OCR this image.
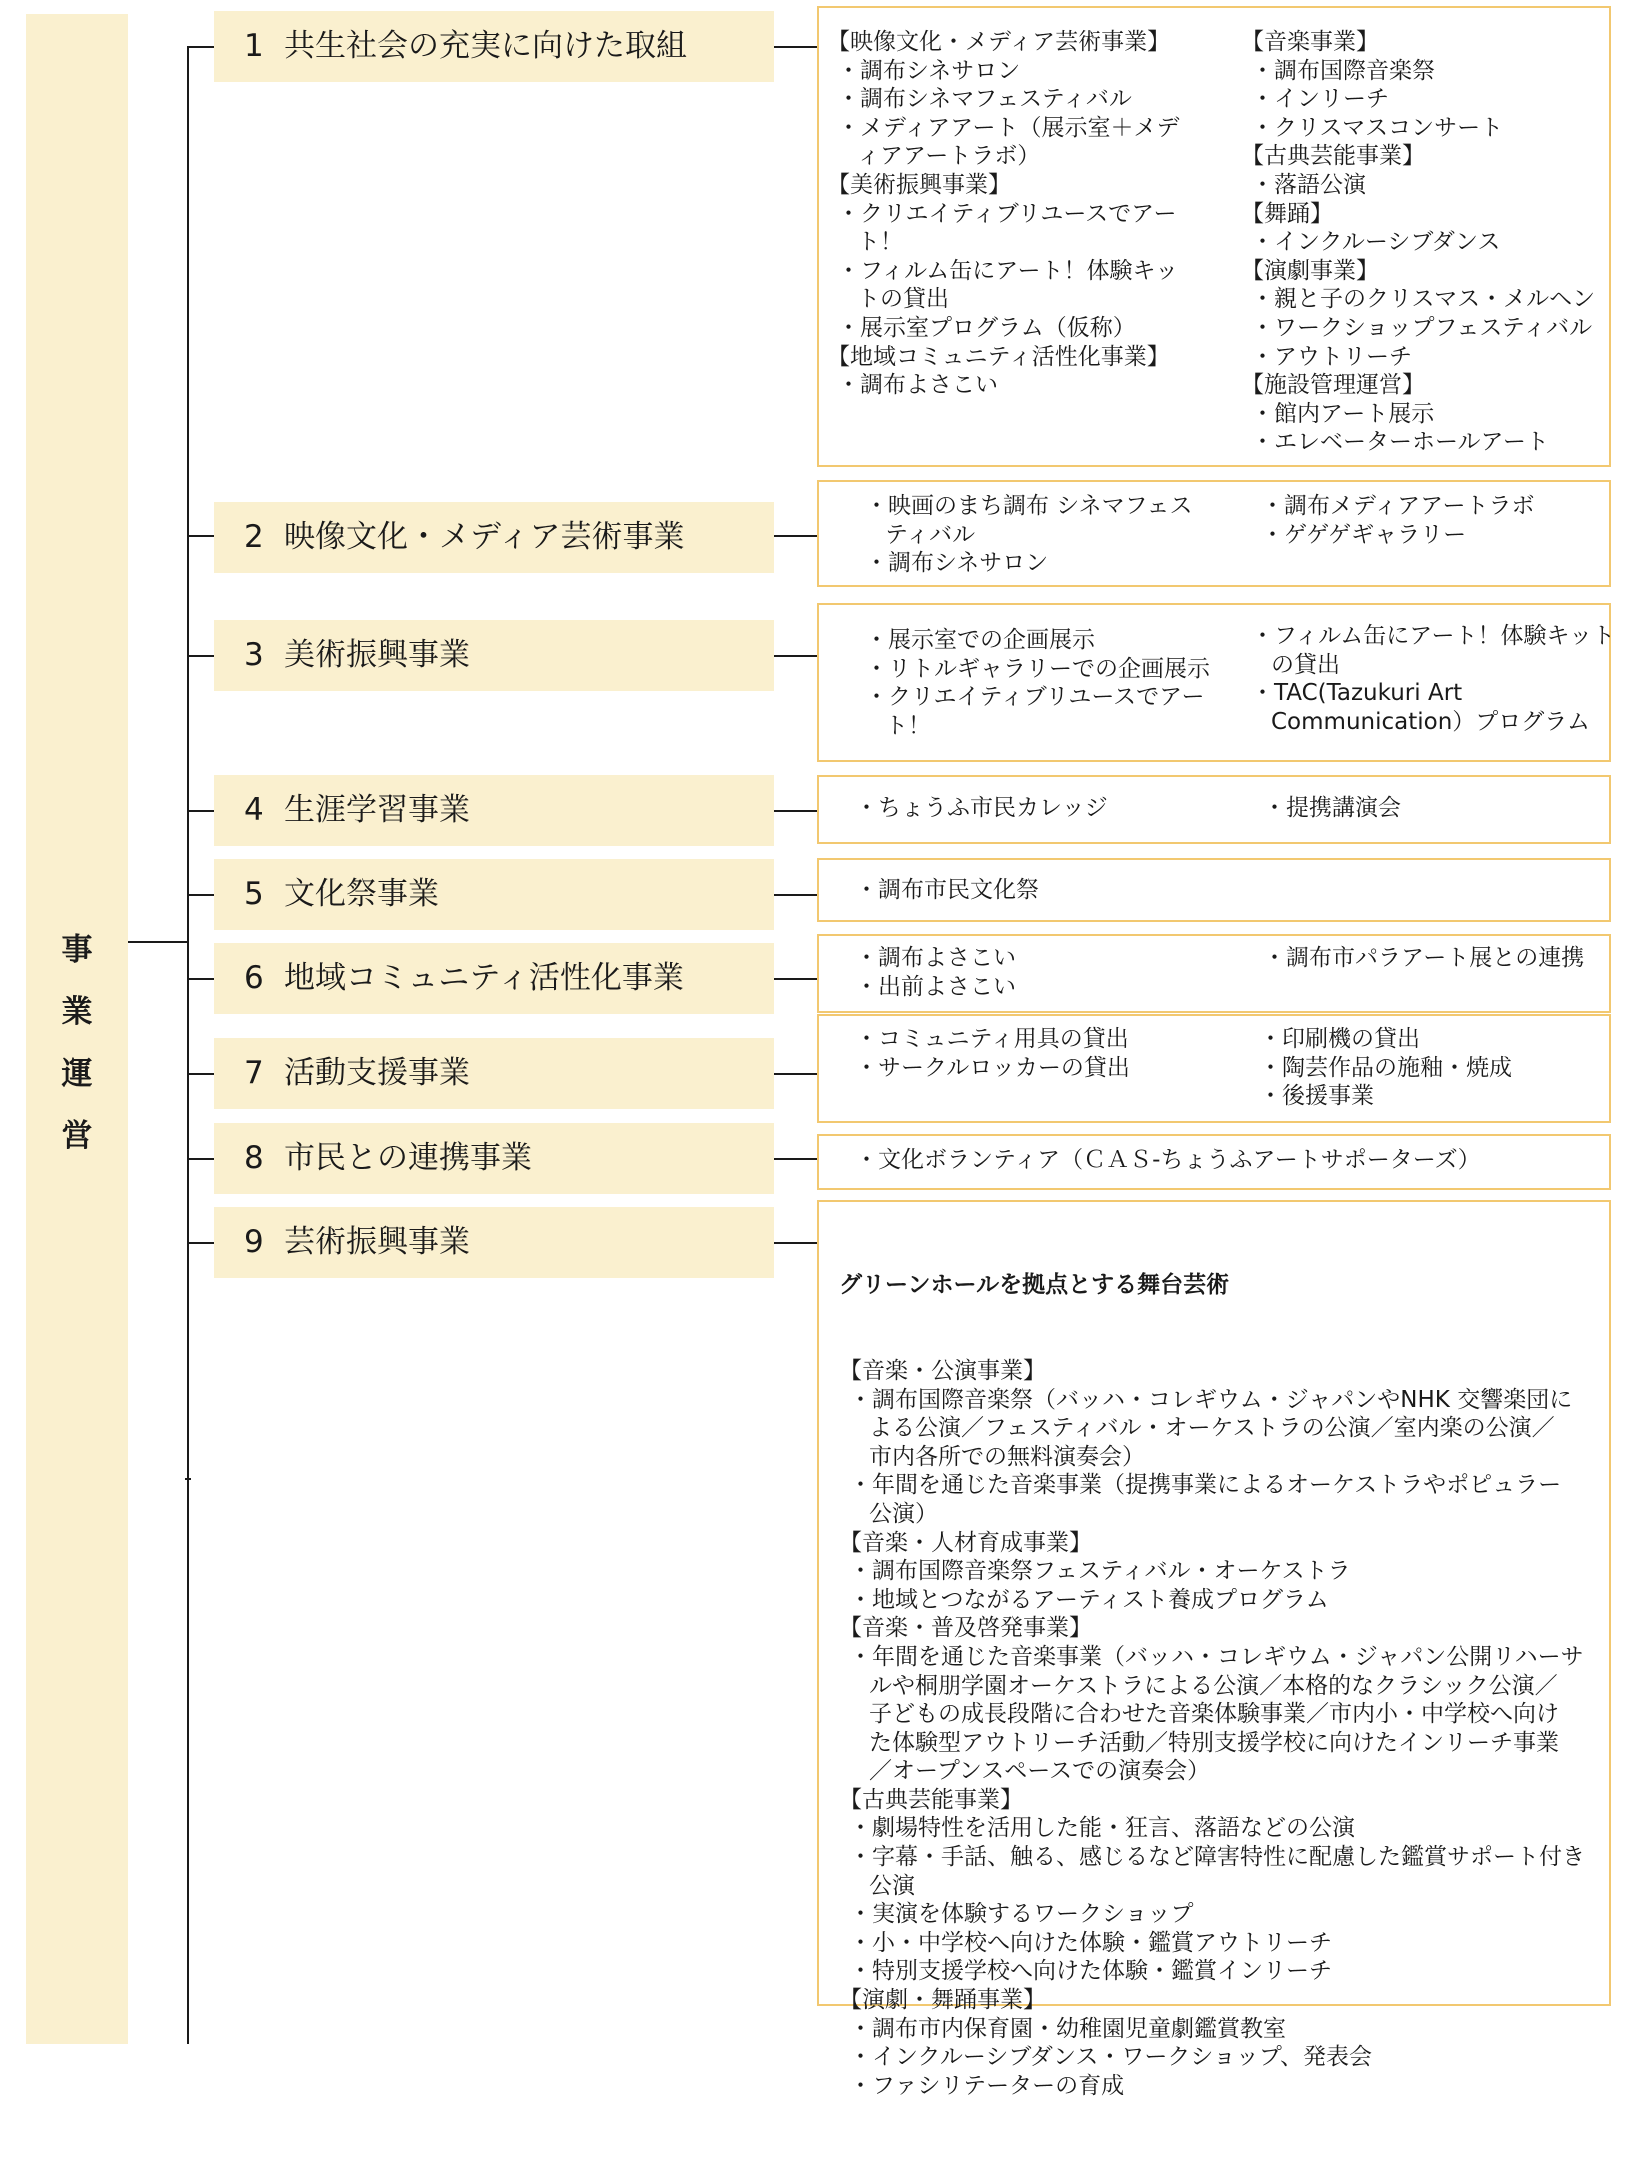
事
業
運
営
1 共生社会の充実に向けた取組
2 映像文化・メディア芸術事業
3 美術振興事業
4 生涯学習事業
5 文化祭事業
6 地域コミュニティ活性化事業
7 活動支援事業
8 市民との連携事業
9 芸術振興事業
【映像文化・メディア芸術事業】
・調布シネサロン
・調布シネマフェスティバル
・メディアアート（展示室＋メデ
ィアアートラボ）
【美術振興事業】
・クリエイティブリユースでアー
ト！
・フィルム缶にアート！体験キッ
トの貸出
・展示室プログラム（仮称）
【地域コミュニティ活性化事業】
・調布よさこい
【音楽事業】
・調布国際音楽祭
・インリーチ
・クリスマスコンサート
【古典芸能事業】
・落語公演
【舞踊】
・インクルーシブダンス
【演劇事業】
・親と子のクリスマス・メルヘン
・ワークショップフェスティバル
・アウトリーチ
【施設管理運営】
・館内アート展示
・エレベーターホールアート
・映画のまち調布 シネマフェス
ティバル
・調布シネサロン
・調布メディアアートラボ
・ゲゲゲギャラリー
・展示室での企画展示
・リトルギャラリーでの企画展示
・クリエイティブリユースでアー
ト！
・フィルム缶にアート！体験キット
の貸出
・TAC(Tazukuri Art
Communication）プログラム
・ちょうふ市民カレッジ	・提携講演会
・調布市民文化祭
・調布よさこい
・出前よさこい
・調布市パラアート展との連携
・コミュニティ用具の貸出
・サークルロッカーの貸出
・印刷機の貸出
・陶芸作品の施釉・焼成
・後援事業
・文化ボランティア（ＣＡＳ-ちょうふアートサポーターズ）

グリーンホールを拠点とする舞台芸術

【音楽・公演事業】
・調布国際音楽祭（バッハ・コレギウム・ジャパンやNHK 交響楽団に
よる公演／フェスティバル・オーケストラの公演／室内楽の公演／
市内各所での無料演奏会）
・年間を通じた音楽事業（提携事業によるオーケストラやポピュラー
公演）
【音楽・人材育成事業】
・調布国際音楽祭フェスティバル・オーケストラ
・地域とつながるアーティスト養成プログラム
【音楽・普及啓発事業】
・年間を通じた音楽事業（バッハ・コレギウム・ジャパン公開リハーサ
ルや桐朋学園オーケストラによる公演／本格的なクラシック公演／
子どもの成長段階に合わせた音楽体験事業／市内小・中学校へ向け
た体験型アウトリーチ活動／特別支援学校に向けたインリーチ事業
／オープンスペースでの演奏会）
【古典芸能事業】
・劇場特性を活用した能・狂言、落語などの公演
・字幕・手話、触る、感じるなど障害特性に配慮した鑑賞サポート付き
公演
・実演を体験するワークショップ
・小・中学校へ向けた体験・鑑賞アウトリーチ
・特別支援学校へ向けた体験・鑑賞インリーチ
【演劇・舞踊事業】
・調布市内保育園・幼稚園児童劇鑑賞教室
・インクルーシブダンス・ワークショップ、発表会
・ファシリテーターの育成
